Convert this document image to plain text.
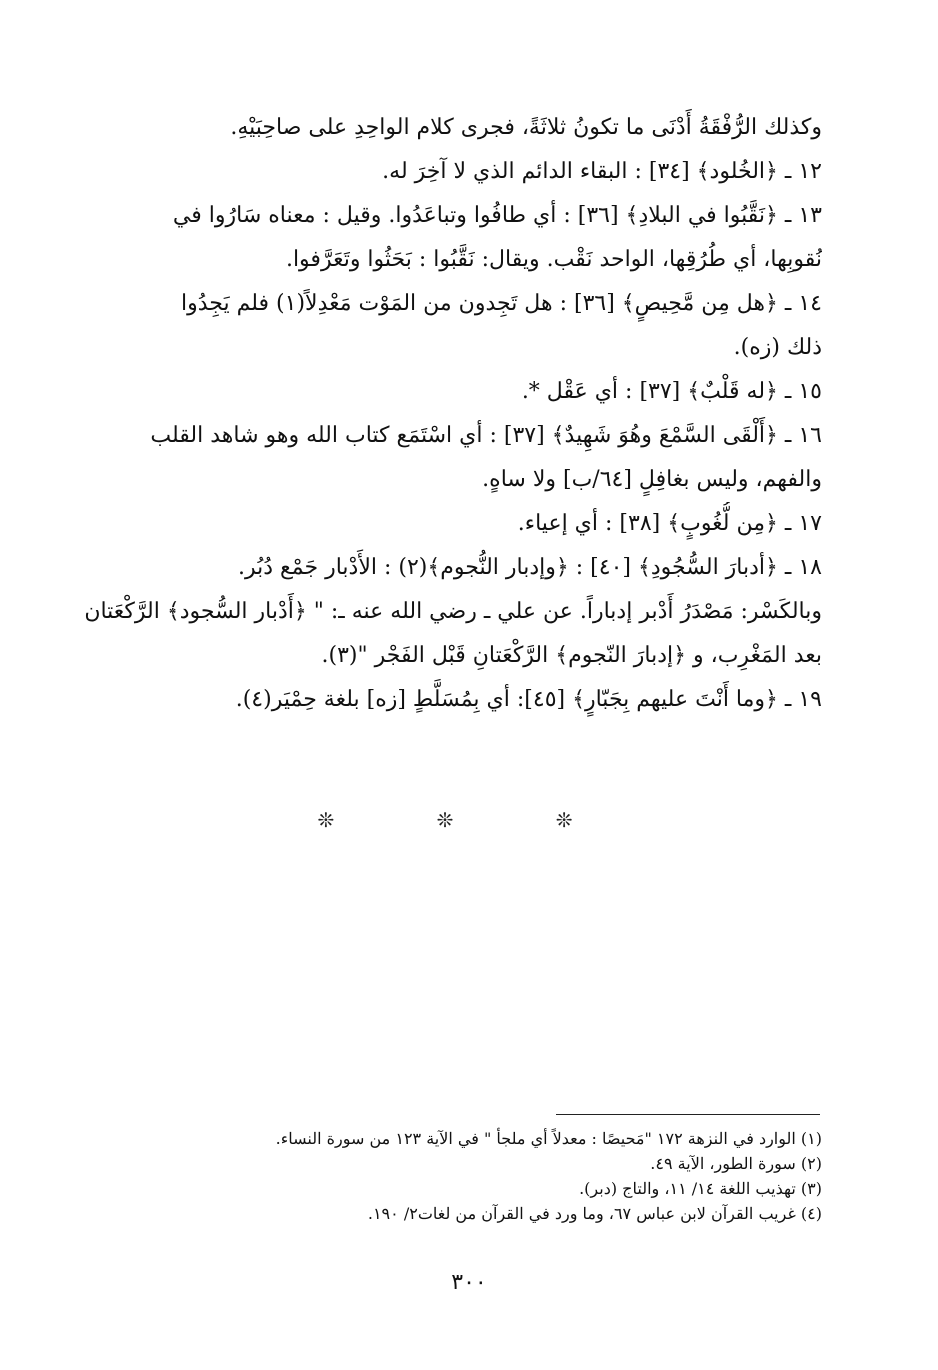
وكذلك الرُّفْقَةُ أَدْنَى ما تكونُ ثلاثَةً، فجرى كلام الواحِدِ على صاحِبَيْهِ.
١٢ ـ ﴿الخُلود﴾ [٣٤] : البقاء الدائم الذي لا آخِرَ له.
١٣ ـ ﴿نَقَّبُوا في البلادِ﴾ [٣٦] : أي طافُوا وتباعَدُوا. وقيل : معناه سَارُوا في
نُقوبِها، أي طُرُقِها، الواحد نَقْب. ويقال: نَقَّبُوا : بَحَثُوا وتَعَرَّفوا.
١٤ ـ ﴿هل مِن مَّحِيصٍ﴾ [٣٦] : هل تَجِدون من المَوْت مَعْدِلاً(١) فلم يَجِدُوا
ذلك (زه).
١٥ ـ ﴿له قَلْبٌ﴾ [٣٧] : أي عَقْل *.
١٦ ـ ﴿أَلْقَى السَّمْعَ وهُوَ شَهِيدٌ﴾ [٣٧] : أي اسْتَمَع كتاب الله وهو شاهد القلب
والفهم، وليس بغافِلٍ [٦٤/ب] ولا ساهٍ.
١٧ ـ ﴿مِن لُّغُوبٍ﴾ [٣٨] : أي إعياء.
١٨ ـ ﴿أدبارَ السُّجُودِ﴾ [٤٠] : ﴿وإدبار النُّجوم﴾(٢) : الأَدْبار جَمْع دُبُر.
وبالكَسْر: مَصْدَرُ أَدْبر إدباراً. عن علي ـ رضي الله عنه ـ: " ﴿أَدْبار السُّجود﴾ الرَّكْعَتان
بعد المَغْرِب، و ﴿إدبارَ النّجوم﴾ الرَّكْعَتانِ قَبْل الفَجْر "(٣).
١٩ ـ ﴿وما أَنْتَ عليهم بِجَبّارٍ﴾ [٤٥]: أي بِمُسَلَّطٍ [زه] بلغة حِمْيَر(٤).
❊ ❊ ❊
(١) الوارد في النزهة ١٧٢ "مَحيصًا : معدلاً أي ملجأ " في الآية ١٢٣ من سورة النساء.
(٢) سورة الطور، الآية ٤٩.
(٣) تهذيب اللغة ١٤/ ١١، والتاج (دبر).
(٤) غريب القرآن لابن عباس ٦٧، وما ورد في القرآن من لغات٢/ ١٩٠.
٣٠٠
